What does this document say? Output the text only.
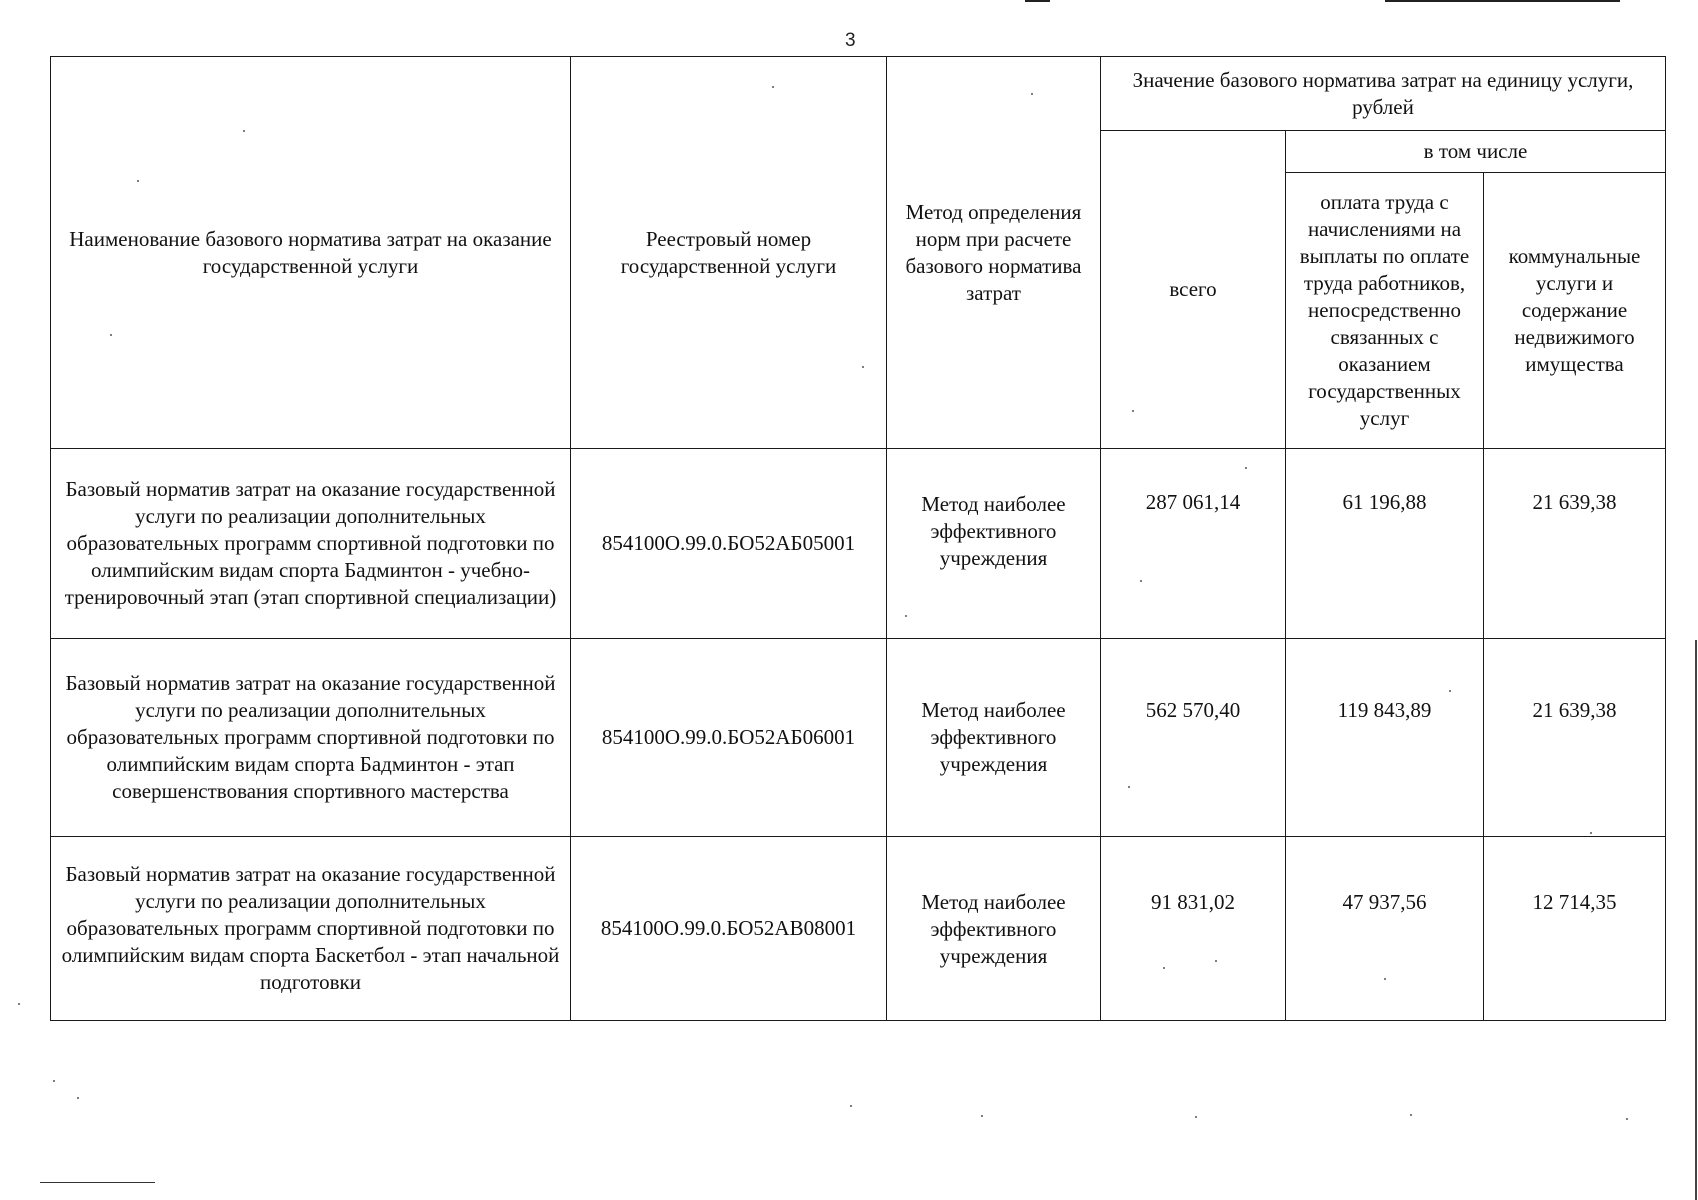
3
Наименование базового норматива затрат на оказание государственной услуги	Реестровый номер государственной услуги	Метод определения норм при расчете базового норматива затрат	Значение базового норматива затрат на единицу услуги, рублей		
			всего	в том числе	
				оплата труда с начислениями на выплаты по оплате труда работников, непосредственно связанных с оказанием государственных услуг	коммунальные услуги и содержание недвижимого имущества
Базовый норматив затрат на оказание государственной услуги по реализации дополнительных образовательных программ спортивной подготовки по олимпийским видам спорта Бадминтон - учебно-тренировочный этап (этап спортивной специализации)	854100О.99.0.БО52АБ05001	Метод наиболее эффективного учреждения	287 061,14	61 196,88	21 639,38
Базовый норматив затрат на оказание государственной услуги по реализации дополнительных образовательных программ спортивной подготовки по олимпийским видам спорта Бадминтон - этап совершенствования спортивного мастерства	854100О.99.0.БО52АБ06001	Метод наиболее эффективного учреждения	562 570,40	119 843,89	21 639,38
Базовый норматив затрат на оказание государственной услуги по реализации дополнительных образовательных программ спортивной подготовки по олимпийским видам спорта Баскетбол - этап начальной подготовки	854100О.99.0.БО52АВ08001	Метод наиболее эффективного учреждения	91 831,02	47 937,56	12 714,35
